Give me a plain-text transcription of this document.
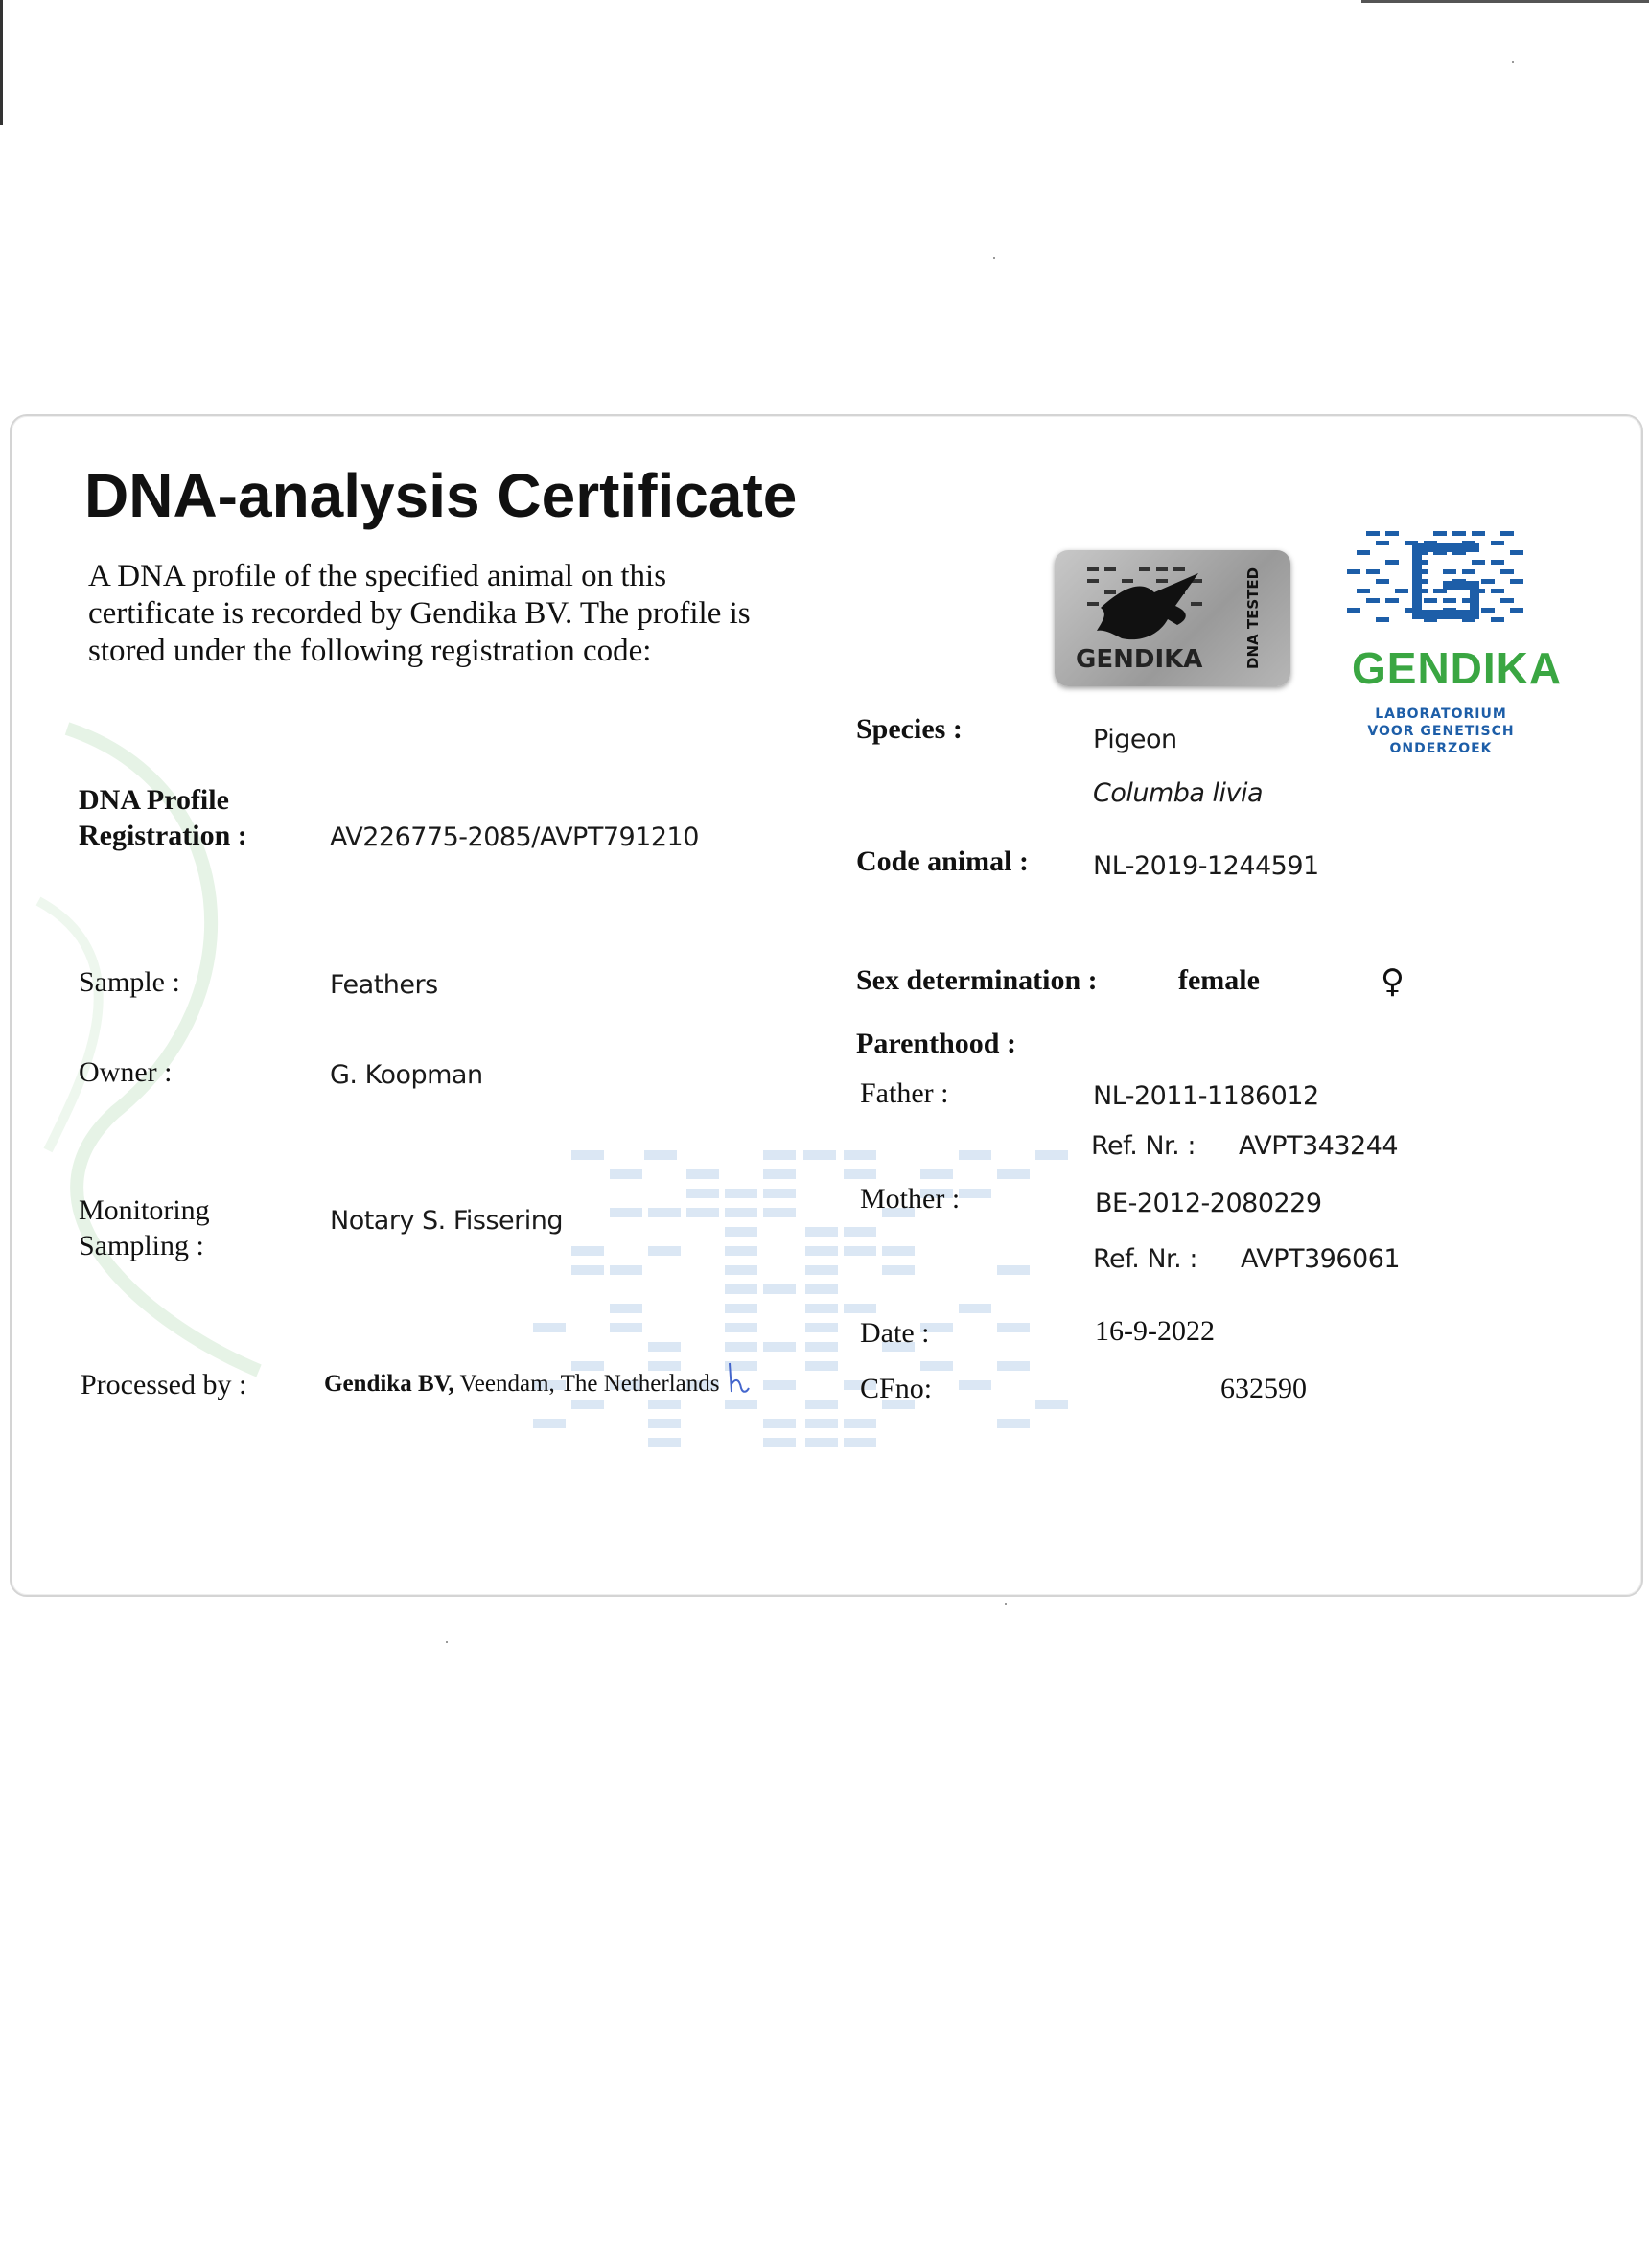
DNA-analysis Certificate
A DNA profile of the specified animal on this certificate is recorded by Gendika BV. The profile is stored under the following registration code:	GENDIKA	DNA TESTED GENDIKA
LABORATORIUM VOOR GENETISCH ONDERZOEK
DNA Profile Registration :	AV226775-2085/AVPT791210
Sample :	Feathers
Owner :	G. Koopman
Monitoring Sampling :
Notary S. Fissering
Processed by :	Gendika BV, Veendam, The Netherlands
Species :	Pigeon
Columba livia
Code animal : NL-2019-1244591
Sex determination :	female	♀
Parenthood :
Father :	NL-2011-1186012
Ref. Nr. : AVPT343244
Mother :	BE-2012-2080229
Ref. Nr. : AVPT396061
Date :	16-9-2022
CFno:	632590
